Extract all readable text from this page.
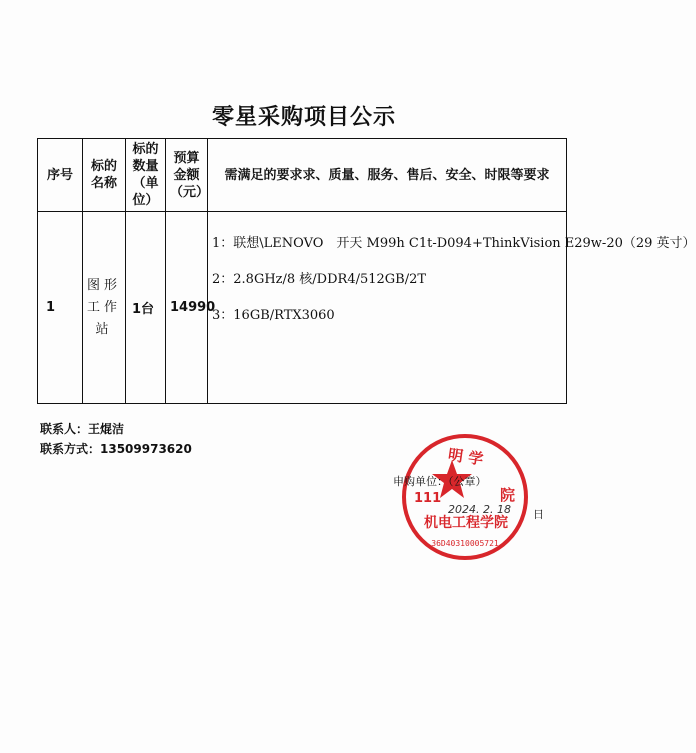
零星采购项目公示
序号	标的名称	标的数量（单位）	预算金额（元）	需满足的要求求、质量、服务、售后、安全、时限等要求
1	图形工作站	1台	14990	1：联想\LENOVO　开天 M99h C1t-D094+ThinkVision E29w-20（29 英寸）
2：2.8GHz/8 核/DDR4/512GB/2T
3：16GB/RTX3060
联系人：王焜洁
联系方式：13509973620	明 学
111	院
机电工程学院
36D40310005721
申购单位：（公章）
2024. 2. 18 日
